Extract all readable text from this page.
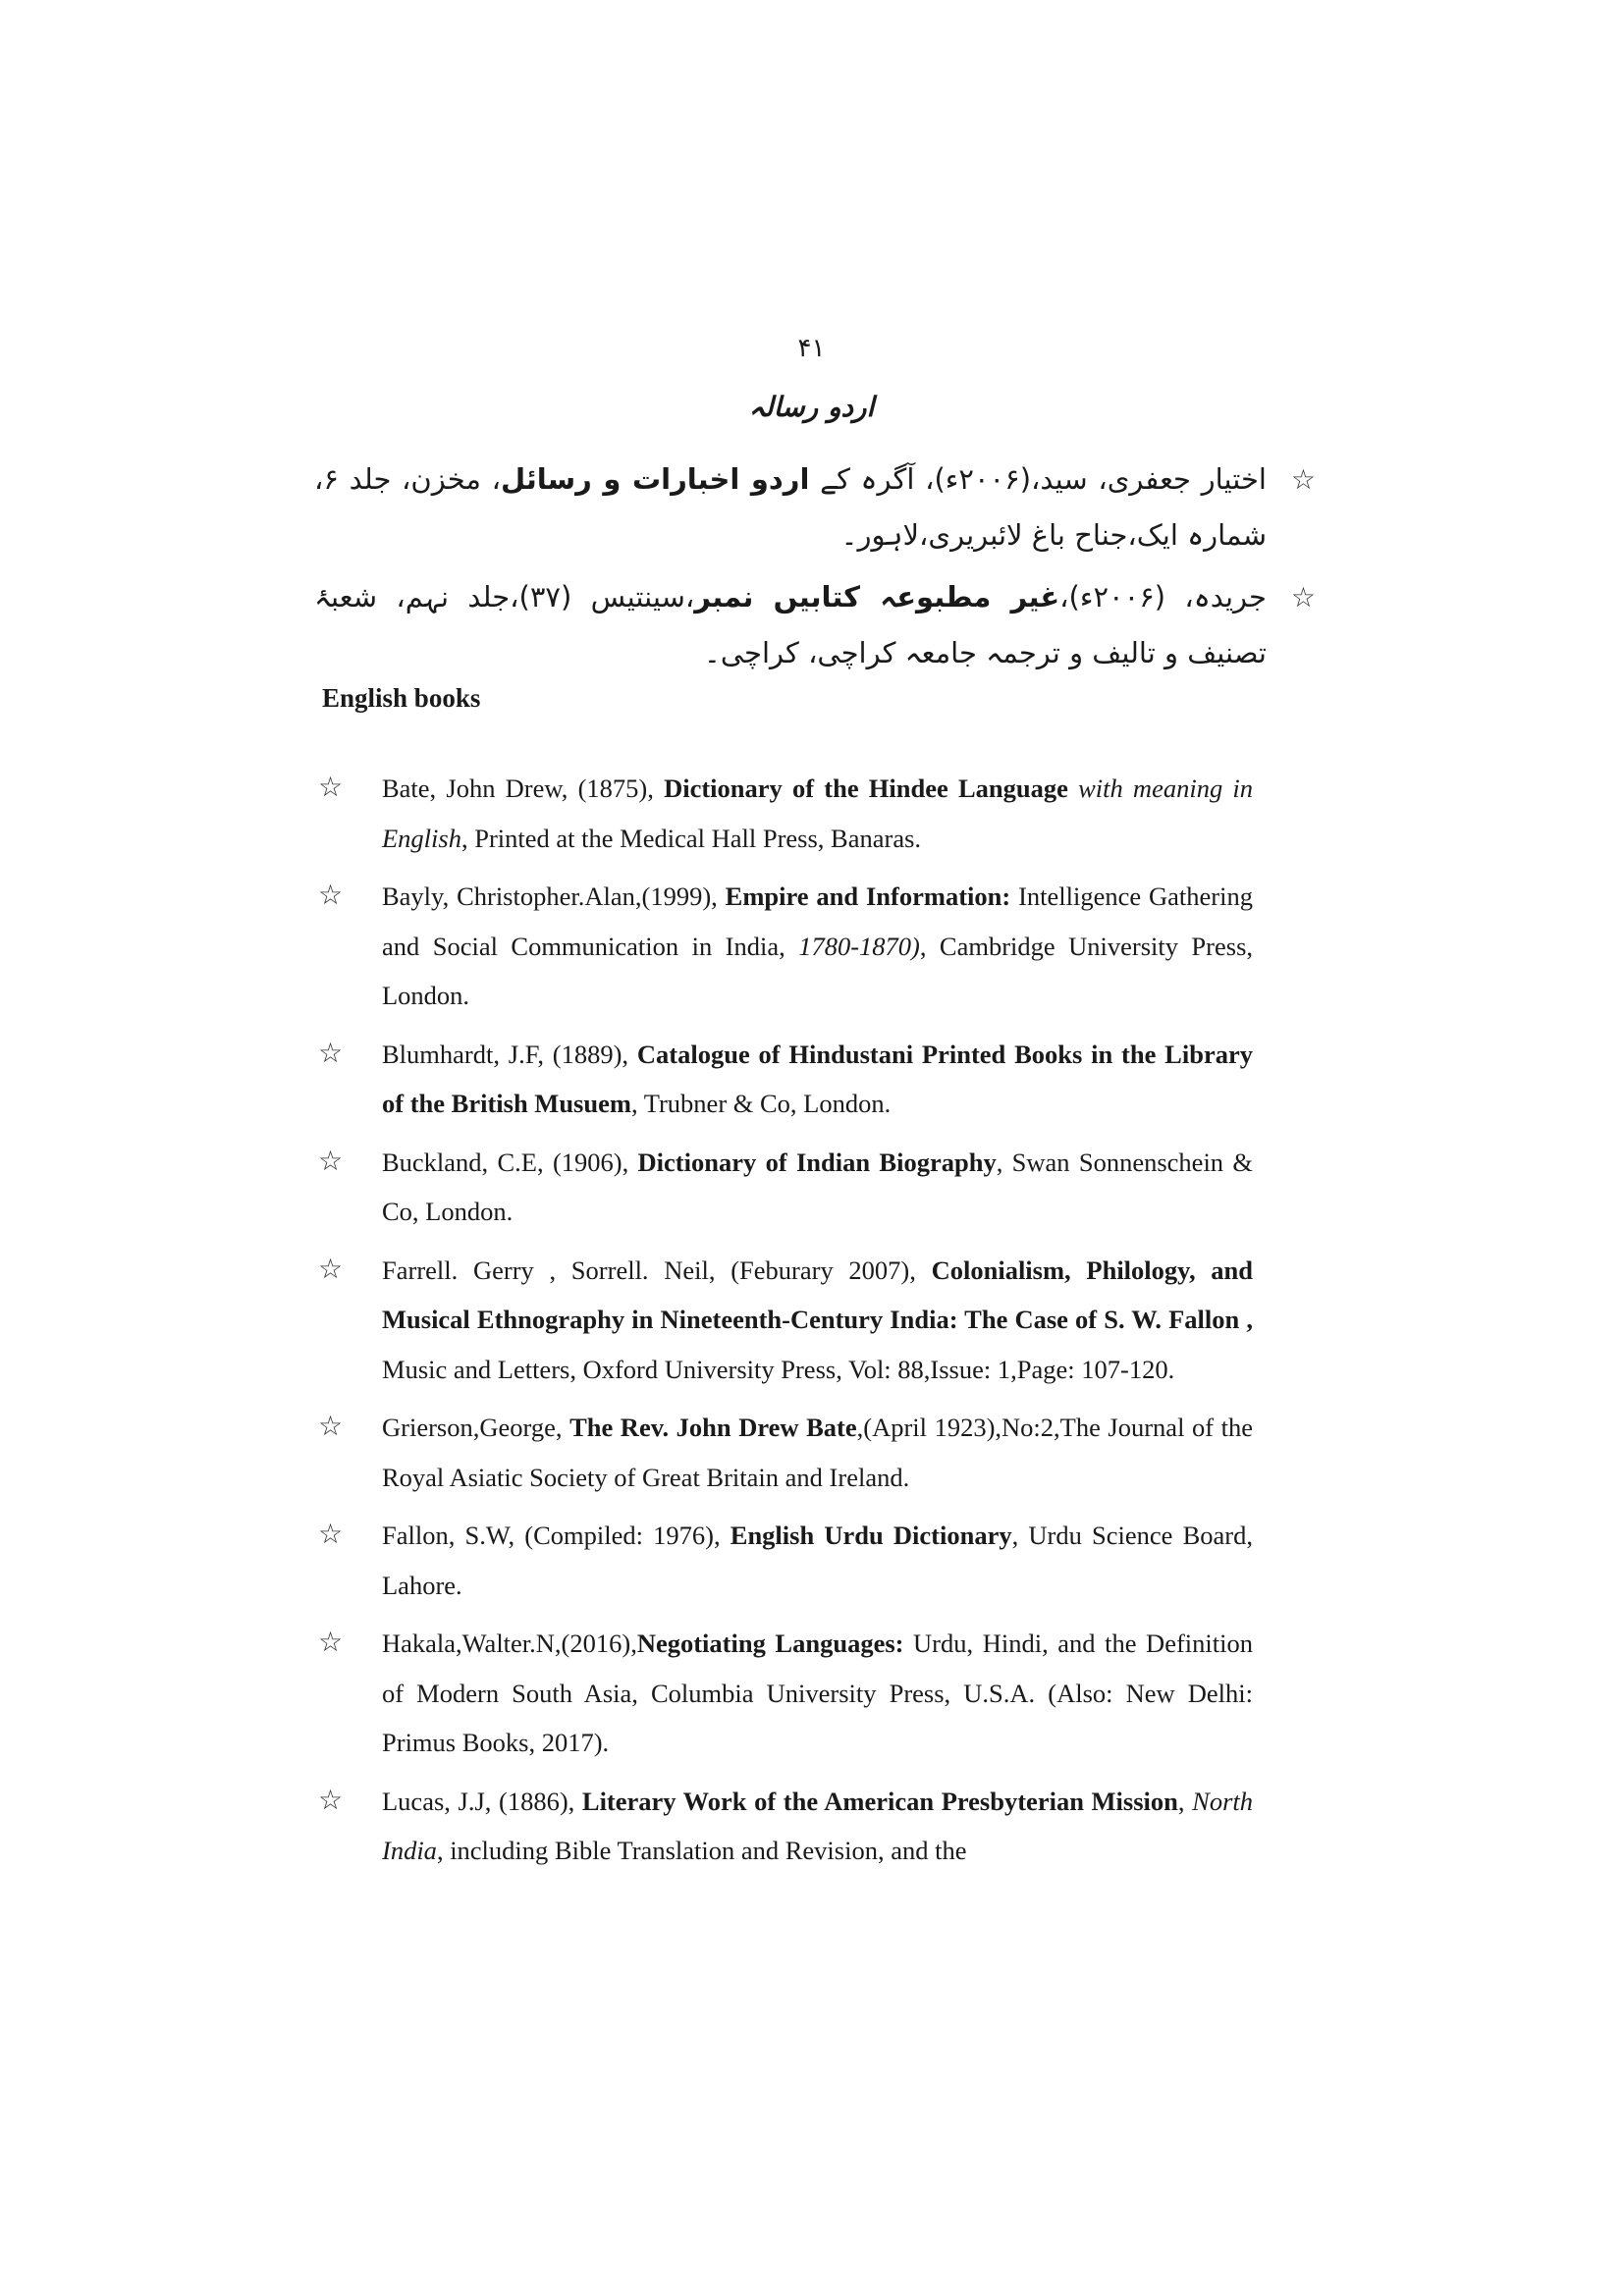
۴۱
اردو رسالہ
☆
اختیار جعفری، سید،(۲۰۰۶ء)، آگرہ کے اردو اخبارات و رسائل، مخزن، جلد ۶، شمارہ ایک،جناح باغ لائبریری،لاہور۔
☆
جریدہ، (۲۰۰۶ء)،غیر مطبوعہ کتابیں نمبر،سینتیس (۳۷)،جلد نہم، شعبۂ تصنیف و تالیف و ترجمہ جامعہ کراچی، کراچی۔
English books
☆ Bate, John Drew, (1875), Dictionary of the Hindee Language with meaning in English, Printed at the Medical Hall Press, Banaras.
☆ Bayly, Christopher.Alan,(1999), Empire and Information: Intelligence Gathering and Social Communication in India, 1780-1870), Cambridge University Press, London.
☆ Blumhardt, J.F, (1889), Catalogue of Hindustani Printed Books in the Library of the British Musuem, Trubner & Co, London.
☆ Buckland, C.E, (1906), Dictionary of Indian Biography, Swan Sonnenschein & Co, London.
☆ Farrell. Gerry , Sorrell. Neil, (Feburary 2007), Colonialism, Philology, and Musical Ethnography in Nineteenth-Century India: The Case of S. W. Fallon , Music and Letters, Oxford University Press, Vol: 88,Issue: 1,Page: 107-120.
☆ Grierson,George, The Rev. John Drew Bate,(April 1923),No:2,The Journal of the Royal Asiatic Society of Great Britain and Ireland.
☆ Fallon, S.W, (Compiled: 1976), English Urdu Dictionary, Urdu Science Board, Lahore.
☆ Hakala,Walter.N,(2016),Negotiating Languages: Urdu, Hindi, and the Definition of Modern South Asia, Columbia University Press, U.S.A. (Also: New Delhi: Primus Books, 2017).
☆ Lucas, J.J, (1886), Literary Work of the American Presbyterian Mission, North India, including Bible Translation and Revision, and the
